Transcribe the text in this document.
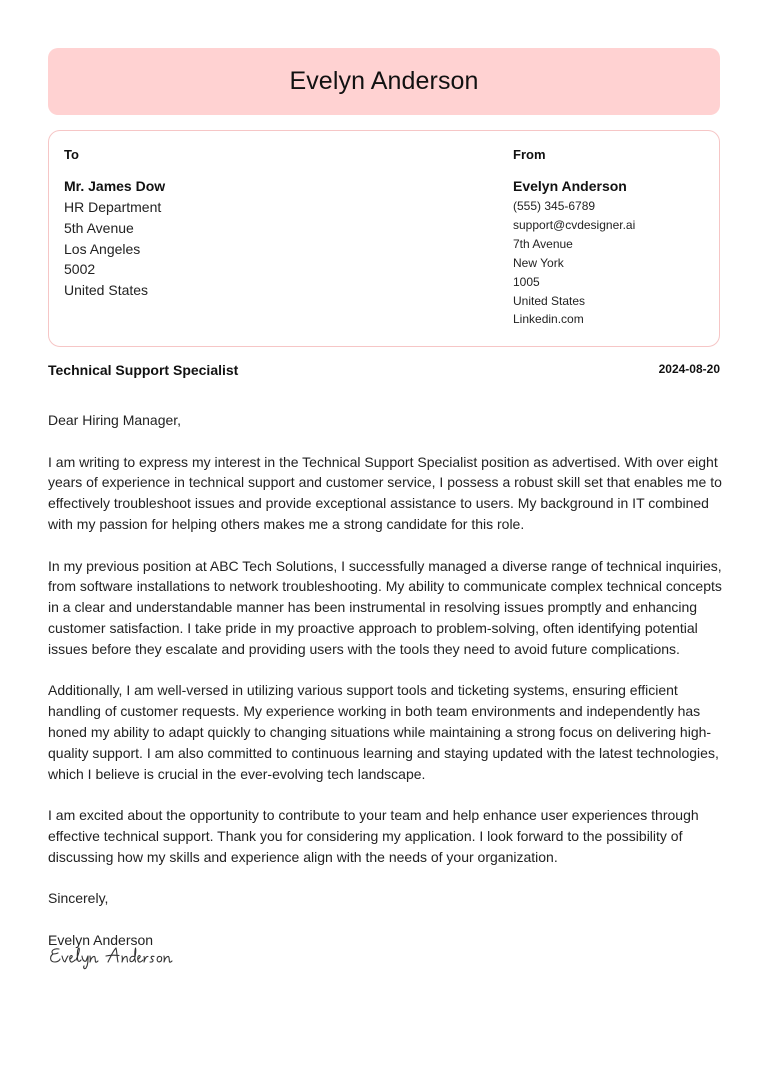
Evelyn Anderson
To
Mr. James Dow
HR Department
5th Avenue
Los Angeles
5002
United States
From
Evelyn Anderson
(555) 345-6789
support@cvdesigner.ai
7th Avenue
New York
1005
United States
Linkedin.com
Technical Support Specialist	2024-08-20

Dear Hiring Manager,

I am writing to express my interest in the Technical Support Specialist position as advertised. With over eight years of experience in technical support and customer service, I possess a robust skill set that enables me to effectively troubleshoot issues and provide exceptional assistance to users. My background in IT combined with my passion for helping others makes me a strong candidate for this role.

In my previous position at ABC Tech Solutions, I successfully managed a diverse range of technical inquiries, from software installations to network troubleshooting. My ability to communicate complex technical concepts in a clear and understandable manner has been instrumental in resolving issues promptly and enhancing customer satisfaction. I take pride in my proactive approach to problem-solving, often identifying potential issues before they escalate and providing users with the tools they need to avoid future complications.

Additionally, I am well-versed in utilizing various support tools and ticketing systems, ensuring efficient handling of customer requests. My experience working in both team environments and independently has honed my ability to adapt quickly to changing situations while maintaining a strong focus on delivering high-quality support. I am also committed to continuous learning and staying updated with the latest technologies, which I believe is crucial in the ever-evolving tech landscape.

I am excited about the opportunity to contribute to your team and help enhance user experiences through effective technical support. Thank you for considering my application. I look forward to the possibility of discussing how my skills and experience align with the needs of your organization.

Sincerely,

Evelyn Anderson
